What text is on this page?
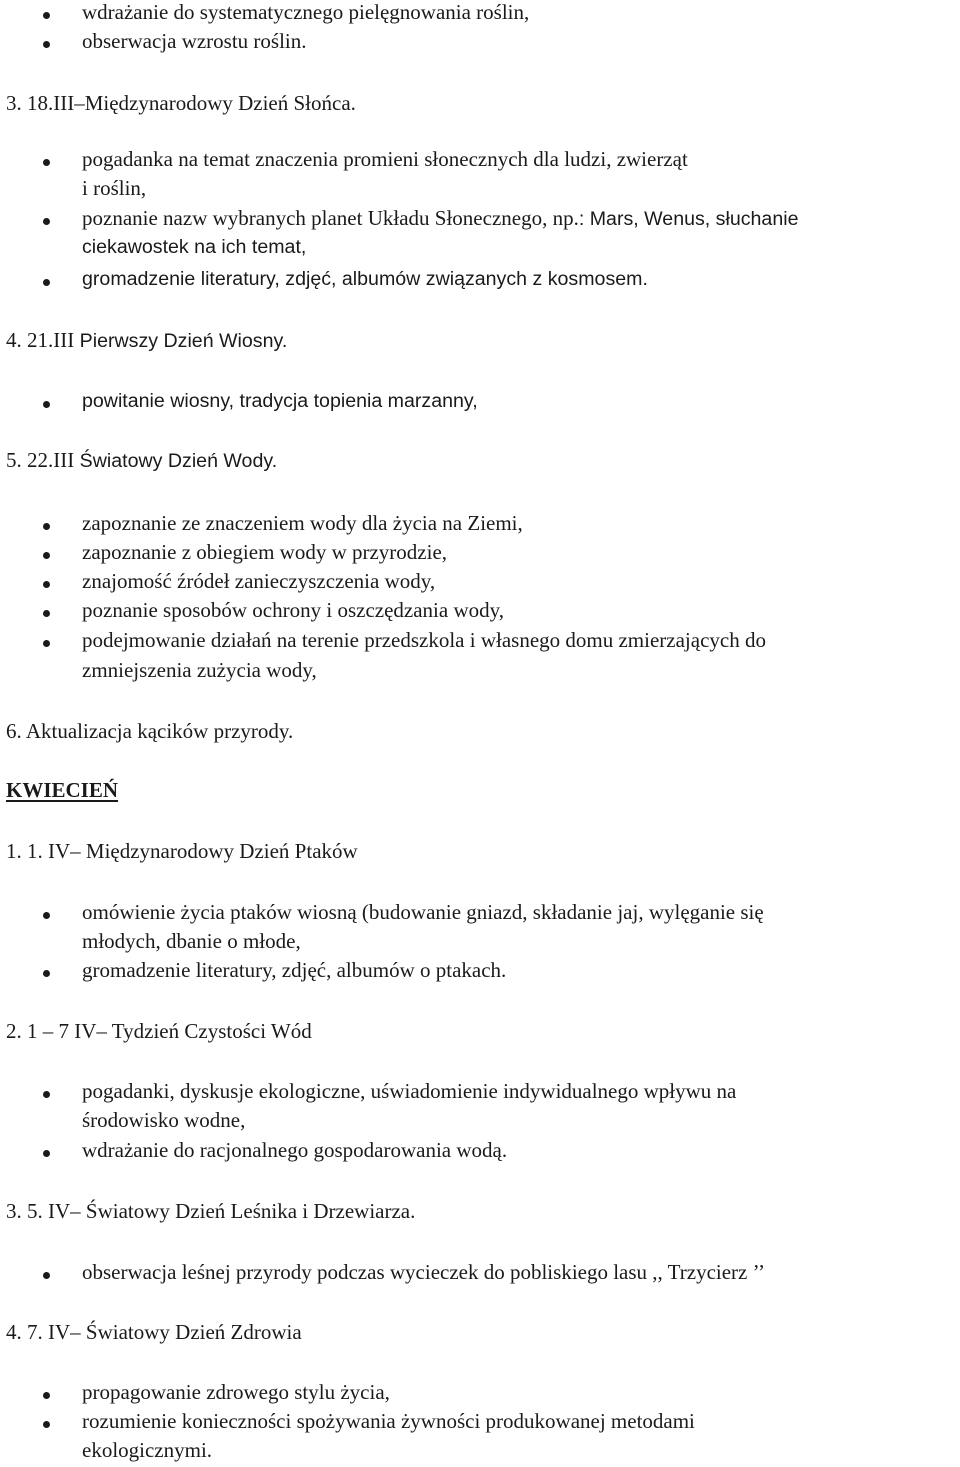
wdrażanie do systematycznego pielęgnowania roślin,
obserwacja wzrostu roślin.
3. 18.III–Międzynarodowy Dzień Słońca.
pogadanka na temat znaczenia promieni słonecznych dla ludzi, zwierząt
i roślin,
poznanie nazw wybranych planet Układu Słonecznego, np.: Mars, Wenus, słuchanie
ciekawostek na ich temat,
gromadzenie literatury, zdjęć, albumów związanych z kosmosem.
4. 21.III Pierwszy Dzień Wiosny.
powitanie wiosny, tradycja topienia marzanny,
5. 22.III Światowy Dzień Wody.
zapoznanie ze znaczeniem wody dla życia na Ziemi,
zapoznanie z obiegiem wody w przyrodzie,
znajomość źródeł zanieczyszczenia wody,
poznanie sposobów ochrony i oszczędzania wody,
podejmowanie działań na terenie przedszkola i własnego domu zmierzających do
zmniejszenia zużycia wody,
6. Aktualizacja kącików przyrody.
KWIECIEŃ
1. 1. IV– Międzynarodowy Dzień Ptaków
omówienie życia ptaków wiosną (budowanie gniazd, składanie jaj, wylęganie się
młodych, dbanie o młode,
gromadzenie literatury, zdjęć, albumów o ptakach.
2. 1 – 7 IV– Tydzień Czystości Wód
pogadanki, dyskusje ekologiczne, uświadomienie indywidualnego wpływu na
środowisko wodne,
wdrażanie do racjonalnego gospodarowania wodą.
3. 5. IV– Światowy Dzień Leśnika i Drzewiarza.
obserwacja leśnej przyrody podczas wycieczek do pobliskiego lasu ,, Trzycierz ’’
4. 7. IV– Światowy Dzień Zdrowia
propagowanie zdrowego stylu życia,
rozumienie konieczności spożywania żywności produkowanej metodami
ekologicznymi.
